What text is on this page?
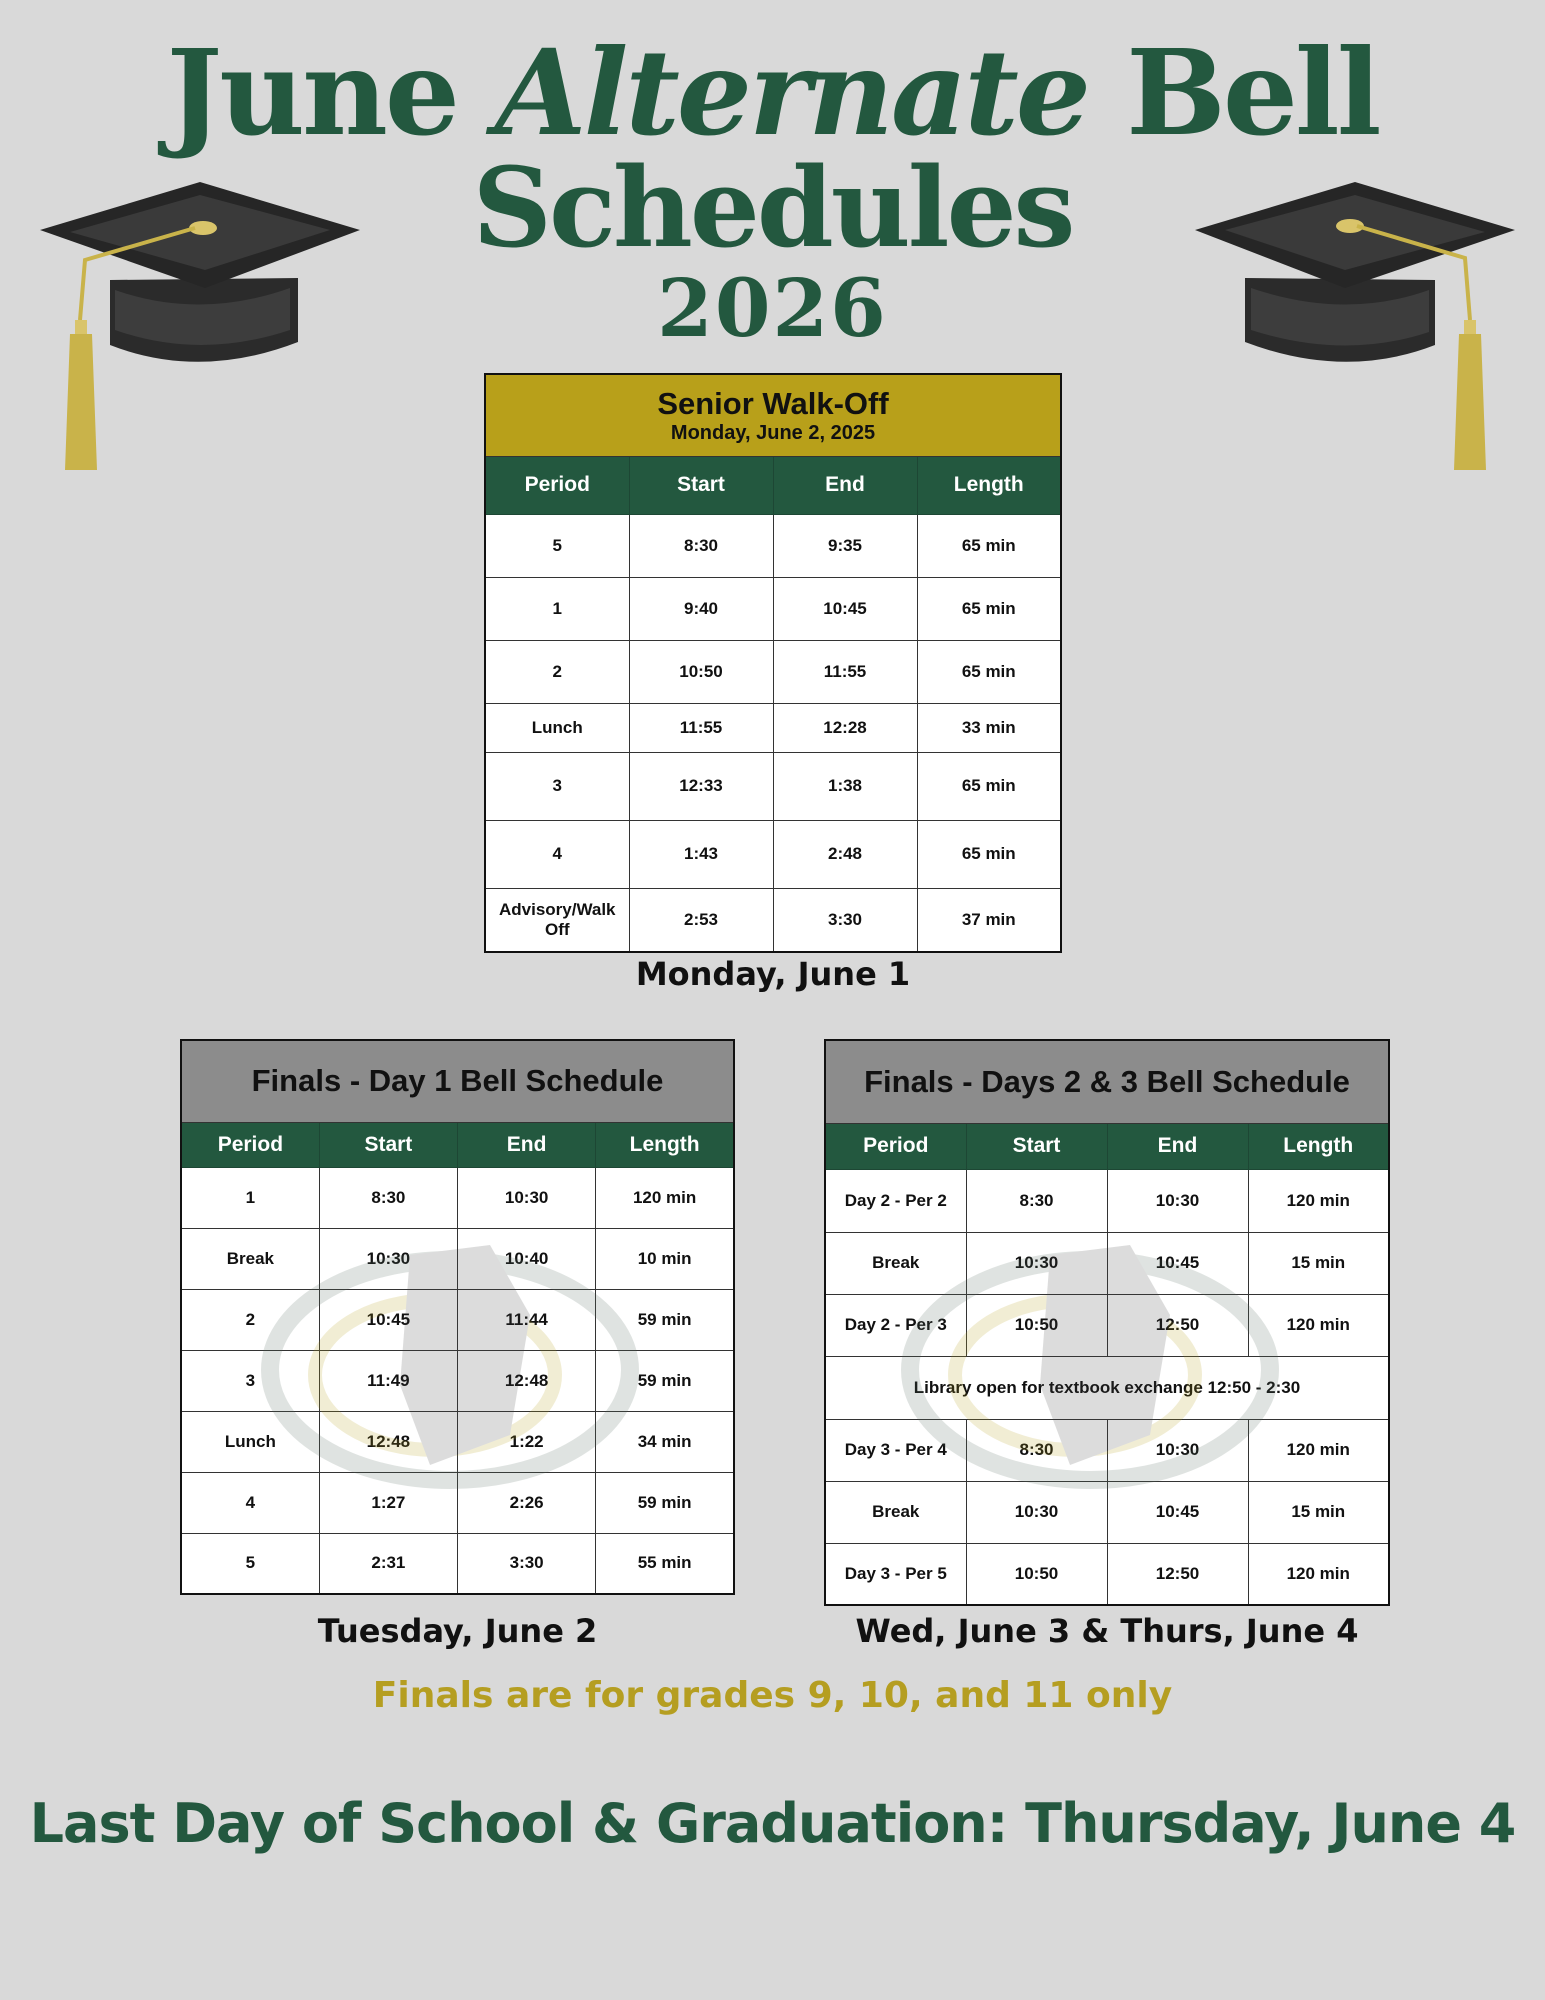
June Alternate Bell
Schedules
2026
Senior Walk-Off
Monday, June 2, 2025			

Period	Start	End	Length
5	8:30	9:35	65 min
1	9:40	10:45	65 min
2	10:50	11:55	65 min
Lunch	11:55	12:28	33 min
3	12:33	1:38	65 min
4	1:43	2:48	65 min
Advisory/Walk Off	2:53	3:30	37 min
Monday, June 1
Finals - Day 1 Bell Schedule			

Period	Start	End	Length
1	8:30	10:30	120 min
Break	10:30	10:40	10 min
2	10:45	11:44	59 min
3	11:49	12:48	59 min
Lunch	12:48	1:22	34 min
4	1:27	2:26	59 min
5	2:31	3:30	55 min
Tuesday, June 2
Finals - Days 2 & 3 Bell Schedule			

Period	Start	End	Length
Day 2 - Per 2	8:30	10:30	120 min
Break	10:30	10:45	15 min
Day 2 - Per 3	10:50	12:50	120 min
Library open for textbook exchange 12:50 - 2:30			
Day 3 - Per 4	8:30	10:30	120 min
Break	10:30	10:45	15 min
Day 3 - Per 5	10:50	12:50	120 min
Wed, June 3 & Thurs, June 4
Finals are for grades 9, 10, and 11 only
Last Day of School & Graduation: Thursday, June 4
